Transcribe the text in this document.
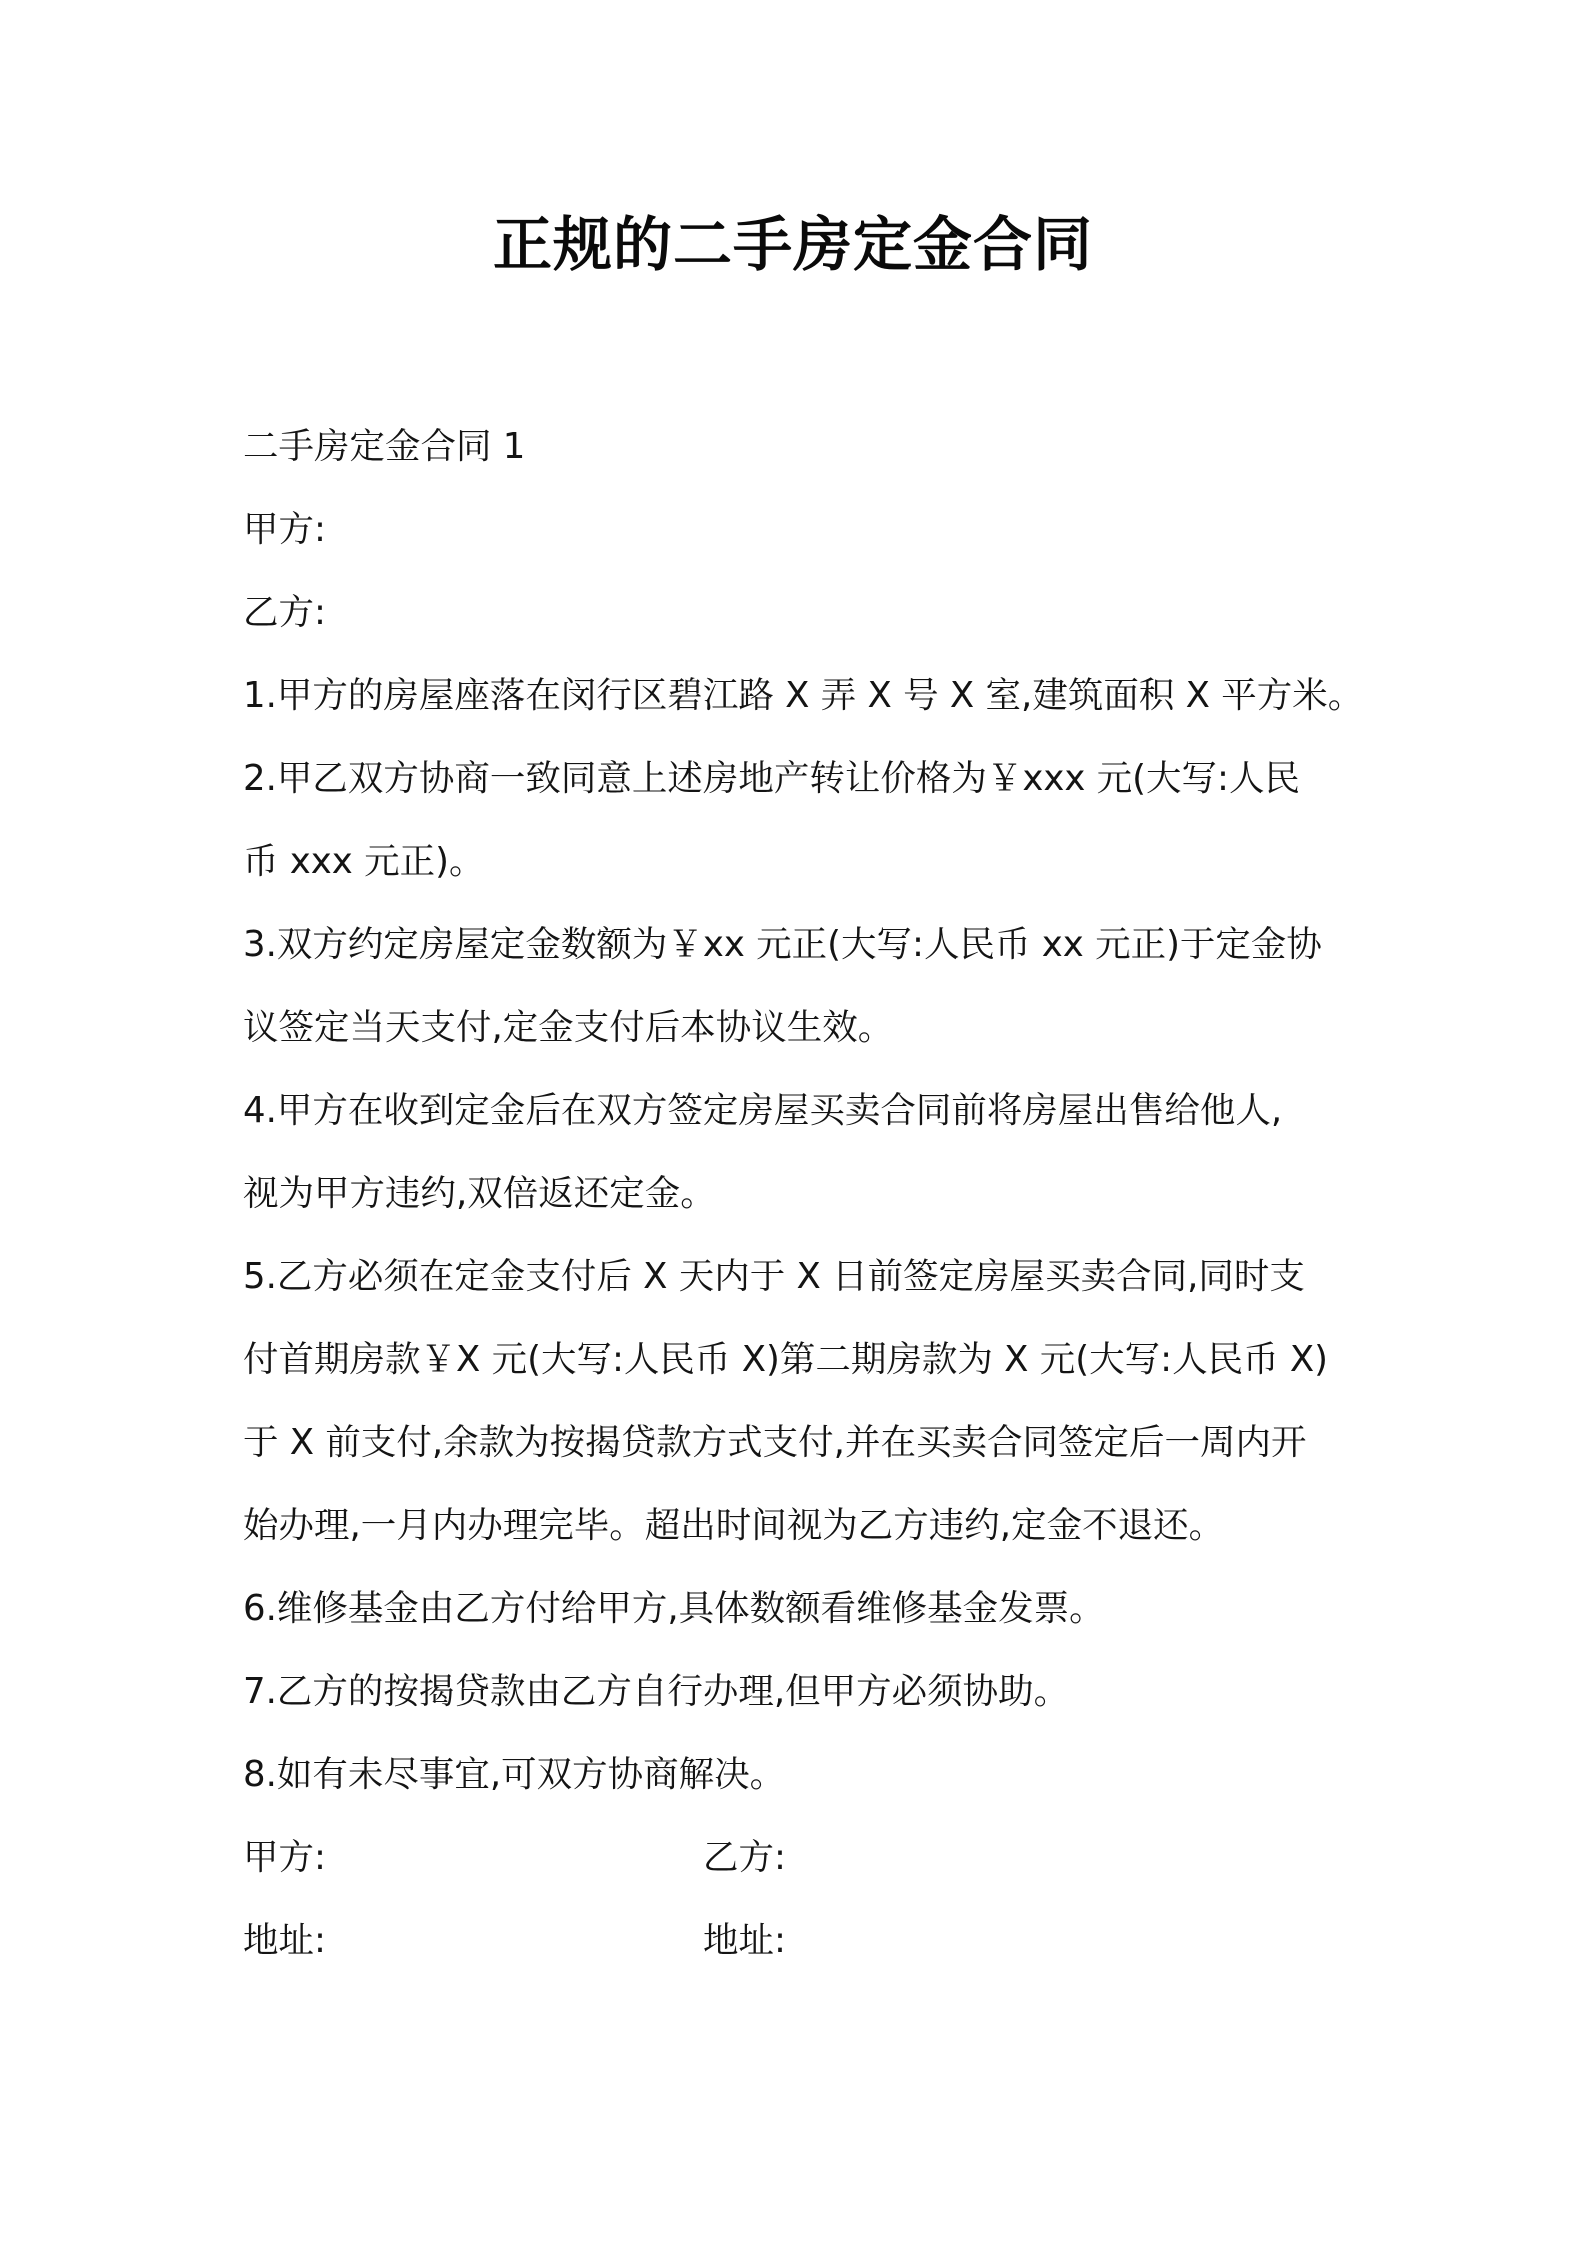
正规的二手房定金合同
二手房定金合同 1
甲方:
乙方:
1.甲方的房屋座落在闵行区碧江路 X 弄 X 号 X 室,建筑面积 X 平方米。
2.甲乙双方协商一致同意上述房地产转让价格为￥xxx 元(大写:人民
币 xxx 元正)。
3.双方约定房屋定金数额为￥xx 元正(大写:人民币 xx 元正)于定金协
议签定当天支付,定金支付后本协议生效。
4.甲方在收到定金后在双方签定房屋买卖合同前将房屋出售给他人,
视为甲方违约,双倍返还定金。
5.乙方必须在定金支付后 X 天内于 X 日前签定房屋买卖合同,同时支
付首期房款￥X 元(大写:人民币 X)第二期房款为 X 元(大写:人民币 X)
于 X 前支付,余款为按揭贷款方式支付,并在买卖合同签定后一周内开
始办理,一月内办理完毕。超出时间视为乙方违约,定金不退还。
6.维修基金由乙方付给甲方,具体数额看维修基金发票。
7.乙方的按揭贷款由乙方自行办理,但甲方必须协助。
8.如有未尽事宜,可双方协商解决。
甲方:	乙方:
地址:	地址:
